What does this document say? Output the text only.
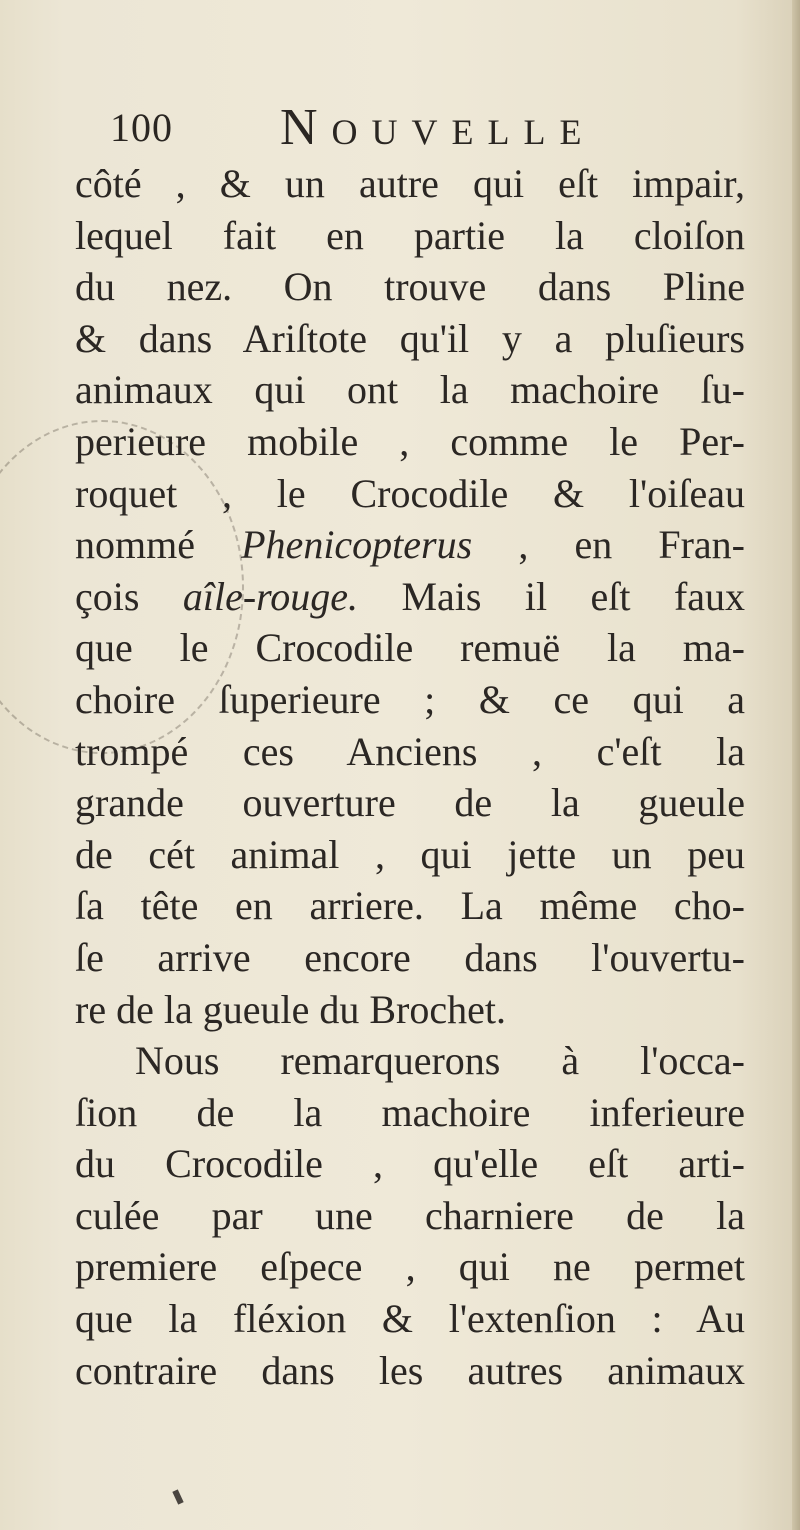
100 Nouvelle
côté , & un autre qui eſt impair,
lequel fait en partie la cloiſon
du nez. On trouve dans Pline
& dans Ariſtote qu'il y a pluſieurs
animaux qui ont la machoire ſu-
perieure mobile , comme le Per-
roquet , le Crocodile & l'oiſeau
nommé Phenicopterus , en Fran-
çois aîle-rouge. Mais il eſt faux
que le Crocodile remuë la ma-
choire ſuperieure ; & ce qui a
trompé ces Anciens , c'eſt la
grande ouverture de la gueule
de cét animal , qui jette un peu
ſa tête en arriere. La même cho-
ſe arrive encore dans l'ouvertu-
re de la gueule du Brochet.
Nous remarquerons à l'occa-
ſion de la machoire inferieure
du Crocodile , qu'elle eſt arti-
culée par une charniere de la
premiere eſpece , qui ne permet
que la fléxion & l'extenſion : Au
contraire dans les autres animaux
